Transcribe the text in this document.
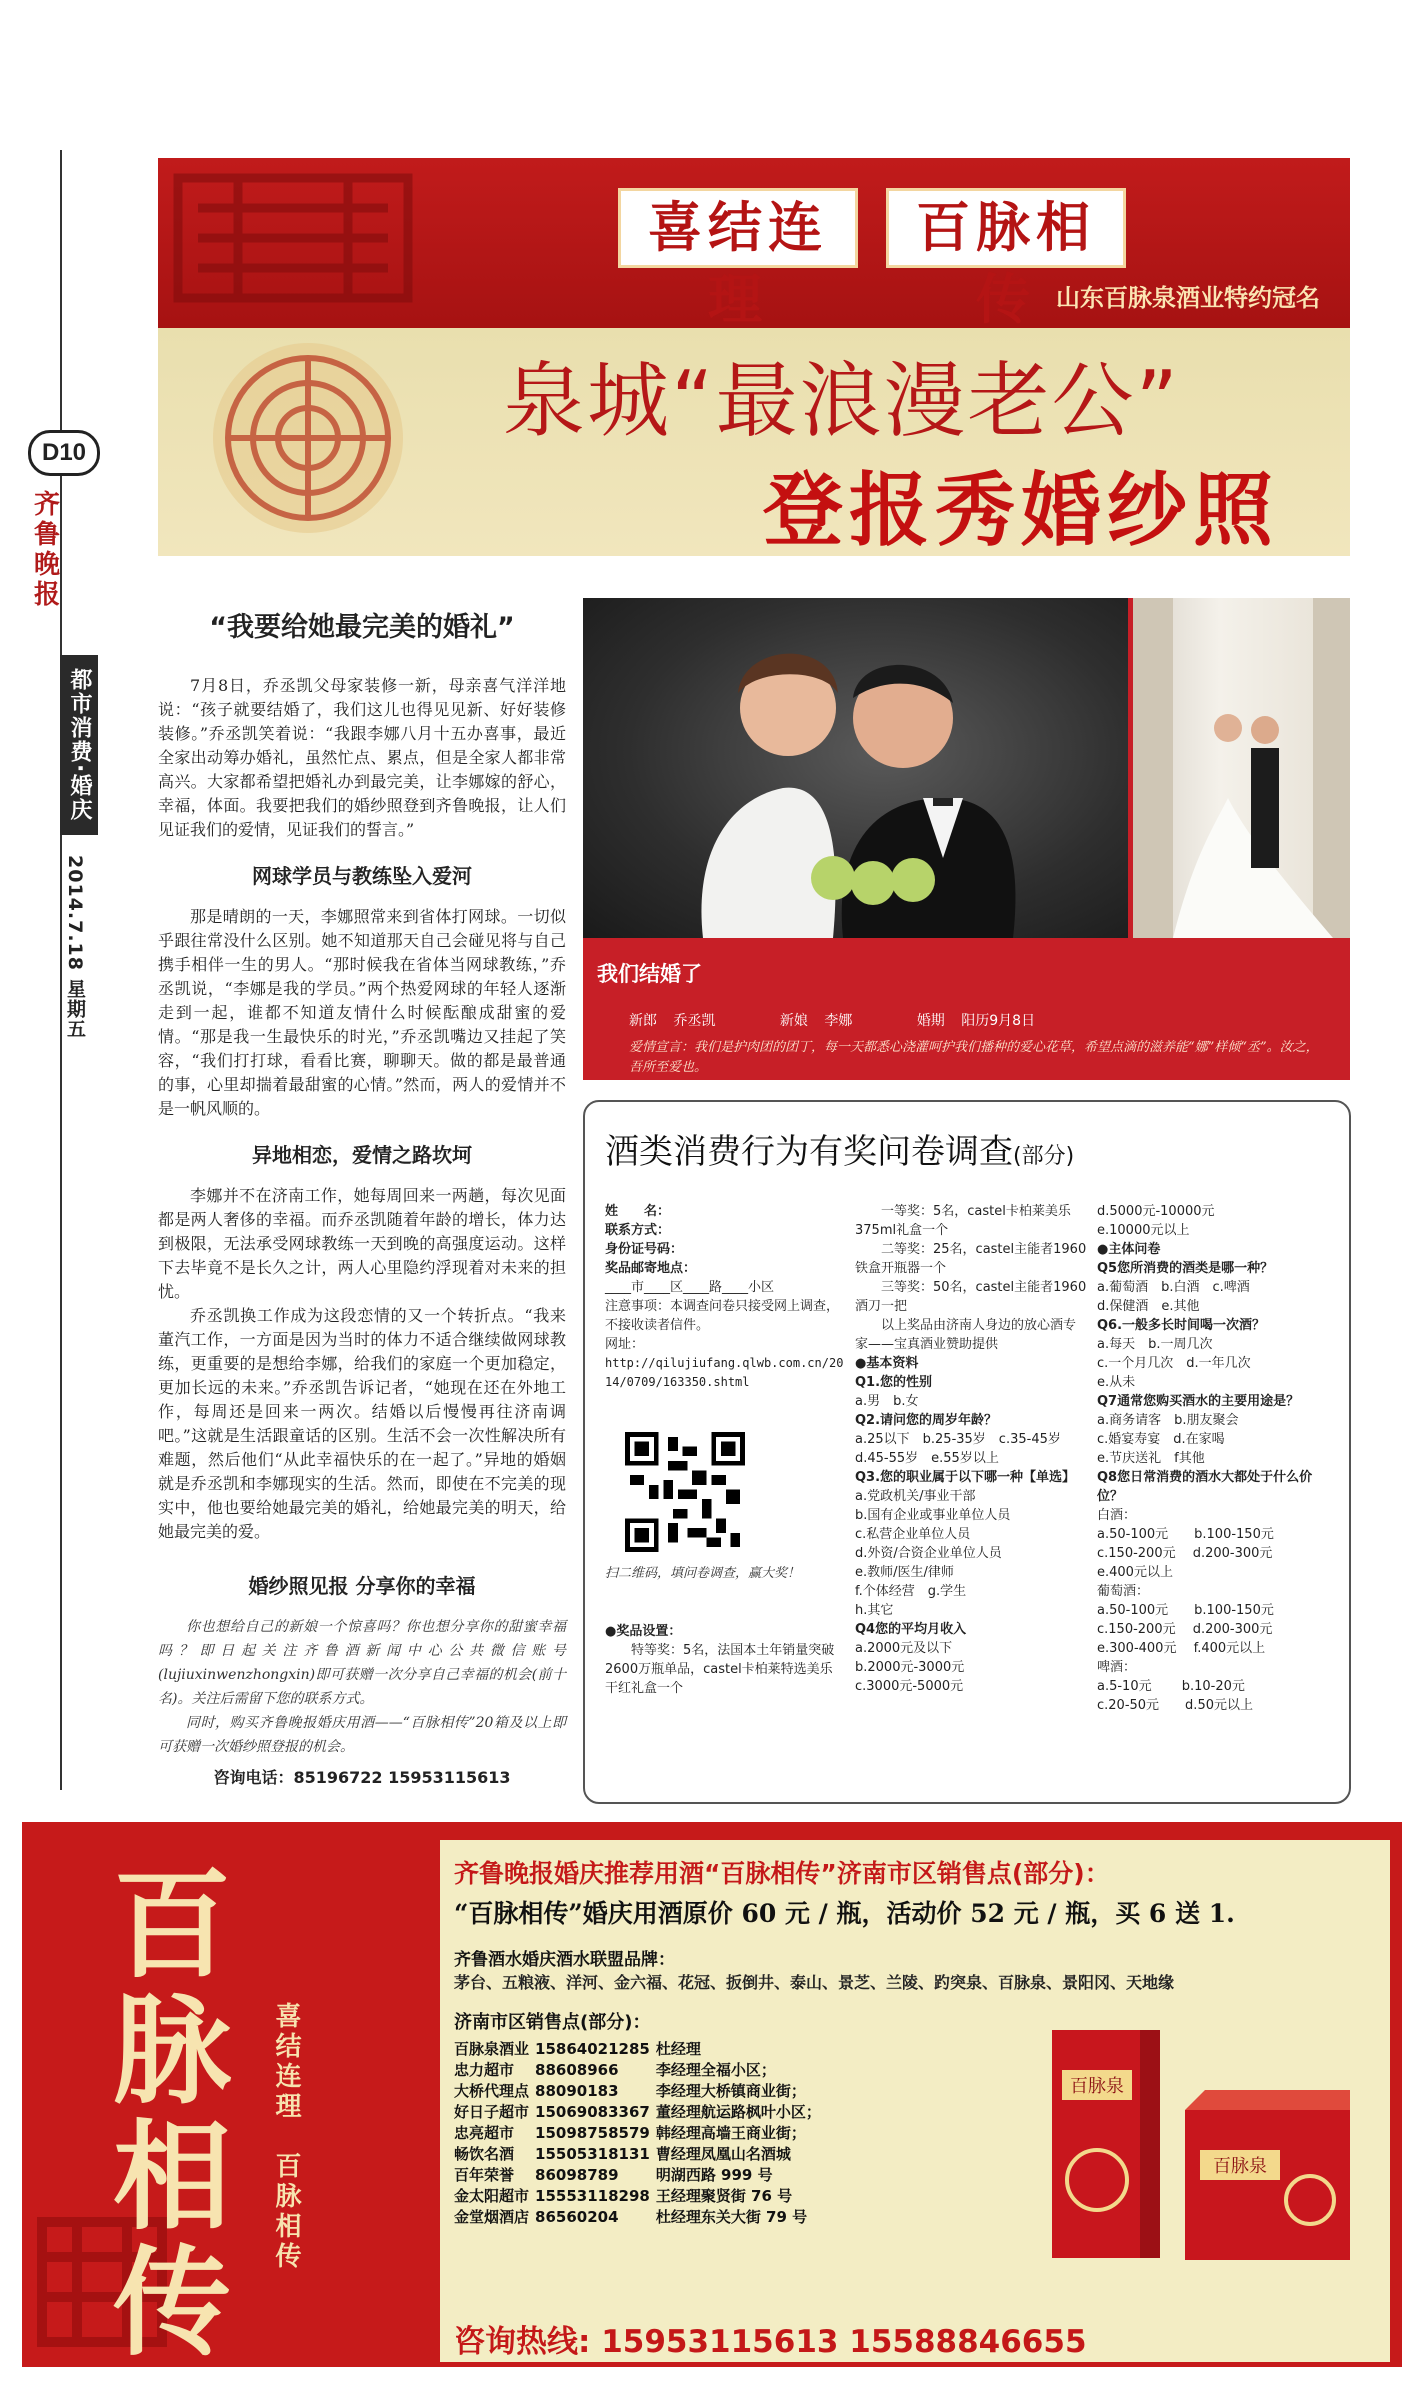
D10
齐鲁晚报
都市消费·婚庆
2014.7.18 星期五
喜结连理
百脉相传 山东百脉泉酒业特约冠名
泉城“最浪漫老公”
登报秀婚纱照
“我要给她最完美的婚礼”

7月8日，乔丞凯父母家装修一新，母亲喜气洋洋地说：“孩子就要结婚了，我们这儿也得见见新、好好装修装修。”乔丞凯笑着说：“我跟李娜八月十五办喜事，最近全家出动筹办婚礼，虽然忙点、累点，但是全家人都非常高兴。大家都希望把婚礼办到最完美，让李娜嫁的舒心，幸福，体面。我要把我们的婚纱照登到齐鲁晚报，让人们见证我们的爱情，见证我们的誓言。”

网球学员与教练坠入爱河

那是晴朗的一天，李娜照常来到省体打网球。一切似乎跟往常没什么区别。她不知道那天自己会碰见将与自己携手相伴一生的男人。“那时候我在省体当网球教练，”乔丞凯说，“李娜是我的学员。”两个热爱网球的年轻人逐渐走到一起，谁都不知道友情什么时候酝酿成甜蜜的爱情。“那是我一生最快乐的时光，”乔丞凯嘴边又挂起了笑容，“我们打打球，看看比赛，聊聊天。做的都是最普通的事，心里却揣着最甜蜜的心情。”然而，两人的爱情并不是一帆风顺的。

异地相恋，爱情之路坎坷

李娜并不在济南工作，她每周回来一两趟，每次见面都是两人奢侈的幸福。而乔丞凯随着年龄的增长，体力达到极限，无法承受网球教练一天到晚的高强度运动。这样下去毕竟不是长久之计，两人心里隐约浮现着对未来的担忧。

乔丞凯换工作成为这段恋情的又一个转折点。“我来董汽工作，一方面是因为当时的体力不适合继续做网球教练，更重要的是想给李娜，给我们的家庭一个更加稳定，更加长远的未来。”乔丞凯告诉记者，“她现在还在外地工作，每周还是回来一两次。结婚以后慢慢再往济南调吧。”这就是生活跟童话的区别。生活不会一次性解决所有难题，然后他们“从此幸福快乐的在一起了。”异地的婚姻就是乔丞凯和李娜现实的生活。然而，即使在不完美的现实中，他也要给她最完美的婚礼，给她最完美的明天，给她最完美的爱。

婚纱照见报 分享你的幸福

你也想给自己的新娘一个惊喜吗？你也想分享你的甜蜜幸福吗？即日起关注齐鲁酒新闻中心公共微信账号(lujiuxinwenzhongxin)即可获赠一次分享自己幸福的机会(前十名)。关注后需留下您的联系方式。

同时，购买齐鲁晚报婚庆用酒——“百脉相传”20箱及以上即可获赠一次婚纱照登报的机会。

咨询电话：85196722 15953115613
我们结婚了
新郎 乔丞凯	新娘 李娜	婚期 阳历9月8日
爱情宣言：我们是护肉团的团丁，每一天都悉心浇灌呵护我们播种的爱心花草，希望点滴的滋养能“娜”样倾“丞”。汝之，吾所至爱也。
酒类消费行为有奖问卷调查(部分)

姓　　名：

联系方式：

身份证号码：

奖品邮寄地点：

____市____区____路____小区

注意事项：本调查问卷只接受网上调查，不接收读者信件。

网址：

http://qilujiufang.qlwb.com.cn/2014/0709/163350.shtml

扫二维码，填问卷调查，赢大奖！

●奖品设置：

特等奖：5名，法国本土年销量突破2600万瓶单品，castel卡柏莱特选美乐干红礼盒一个

一等奖：5名，castel卡柏莱美乐375ml礼盒一个

二等奖：25名，castel主能者1960铁盒开瓶器一个

三等奖：50名，castel主能者1960酒刀一把

以上奖品由济南人身边的放心酒专家——宝真酒业赞助提供

●基本资料

Q1.您的性别

a.男　b.女

Q2.请问您的周岁年龄？

a.25以下　b.25-35岁　c.35-45岁

d.45-55岁　e.55岁以上

Q3.您的职业属于以下哪一种【单选】

a.党政机关/事业干部

b.国有企业或事业单位人员

c.私营企业单位人员

d.外资/合资企业单位人员

e.教师/医生/律师

f.个体经营　g.学生

h.其它

Q4您的平均月收入

a.2000元及以下

b.2000元-3000元

c.3000元-5000元

d.5000元-10000元

e.10000元以上

●主体问卷

Q5您所消费的酒类是哪一种？

a.葡萄酒　b.白酒　c.啤酒

d.保健酒　e.其他

Q6.一般多长时间喝一次酒？

a.每天　b.一周几次

c.一个月几次　d.一年几次

e.从未

Q7通常您购买酒水的主要用途是？

a.商务请客　b.朋友聚会

c.婚宴寿宴　d.在家喝

e.节庆送礼　f其他

Q8您日常消费的酒水大都处于什么价位？

白酒：

a.50-100元　　b.100-150元

c.150-200元　 d.200-300元

e.400元以上

葡萄酒：

a.50-100元　　b.100-150元

c.150-200元　 d.200-300元

e.300-400元　 f.400元以上

啤酒：

a.5-10元　　 b.10-20元

c.20-50元　　d.50元以上

百
脉
相
传
喜结连理　百脉相传
齐鲁晚报婚庆推荐用酒“百脉相传”济南市区销售点(部分)：
“百脉相传”婚庆用酒原价 60 元 / 瓶，活动价 52 元 / 瓶，买 6 送 1.
齐鲁酒水婚庆酒水联盟品牌：
茅台、五粮液、洋河、金六福、花冠、扳倒井、泰山、景芝、兰陵、趵突泉、百脉泉、景阳冈、天地缘
济南市区销售点(部分)：
百脉泉酒业	15864021285	杜经理
忠力超市	88608966	李经理全福小区；
大桥代理点	88090183	李经理大桥镇商业街；
好日子超市	15069083367	董经理航运路枫叶小区；
忠亮超市	15098758579	韩经理高墙王商业街；
畅饮名酒	15505318131	曹经理凤凰山名酒城
百年荣誉	86098789	明湖西路 999 号
金太阳超市	15553118298	王经理聚贤街 76 号
金堂烟酒店	86560204	杜经理东关大街 79 号
百脉泉
百脉泉
咨询热线: 15953115613 15588846655
